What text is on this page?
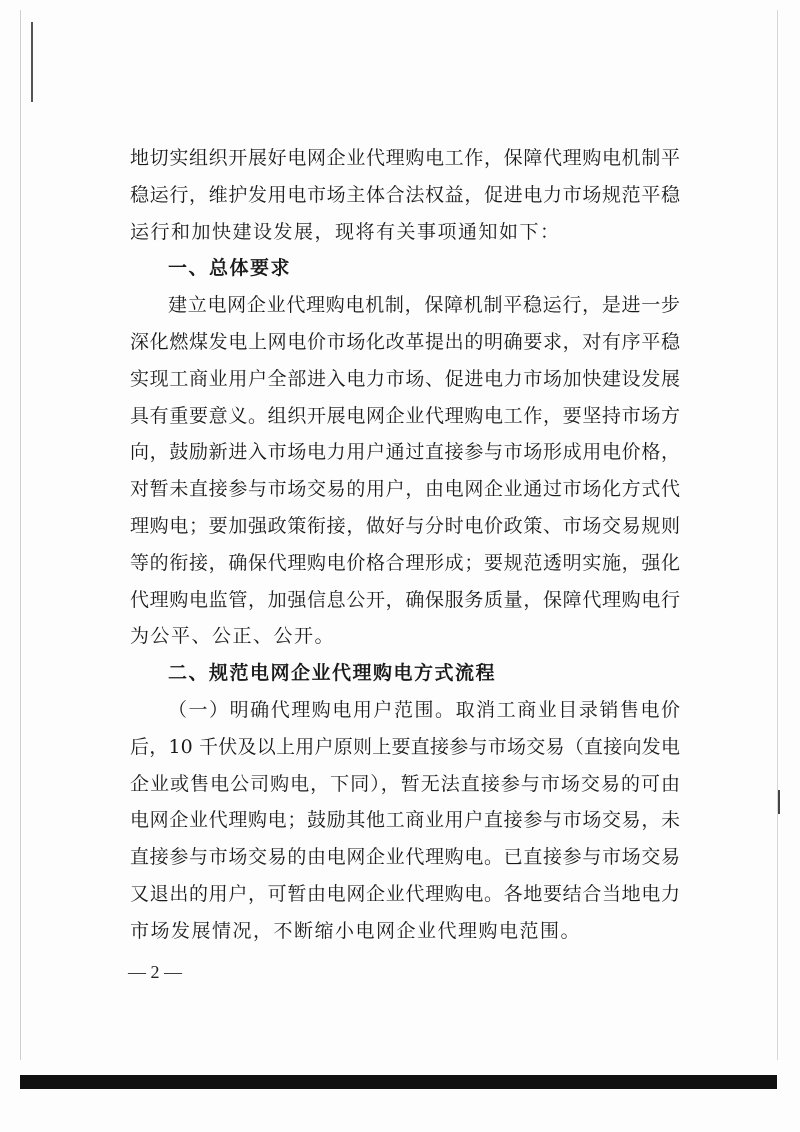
地切实组织开展好电网企业代理购电工作，保障代理购电机制平

稳运行，维护发用电市场主体合法权益，促进电力市场规范平稳

运行和加快建设发展，现将有关事项通知如下：

一、总体要求

建立电网企业代理购电机制，保障机制平稳运行，是进一步

深化燃煤发电上网电价市场化改革提出的明确要求，对有序平稳

实现工商业用户全部进入电力市场、促进电力市场加快建设发展

具有重要意义。组织开展电网企业代理购电工作，要坚持市场方

向，鼓励新进入市场电力用户通过直接参与市场形成用电价格，

对暂未直接参与市场交易的用户，由电网企业通过市场化方式代

理购电；要加强政策衔接，做好与分时电价政策、市场交易规则

等的衔接，确保代理购电价格合理形成；要规范透明实施，强化

代理购电监管，加强信息公开，确保服务质量，保障代理购电行

为公平、公正、公开。

二、规范电网企业代理购电方式流程

（一）明确代理购电用户范围。取消工商业目录销售电价

后，10 千伏及以上用户原则上要直接参与市场交易（直接向发电

企业或售电公司购电，下同），暂无法直接参与市场交易的可由

电网企业代理购电；鼓励其他工商业用户直接参与市场交易，未

直接参与市场交易的由电网企业代理购电。已直接参与市场交易

又退出的用户，可暂由电网企业代理购电。各地要结合当地电力

市场发展情况，不断缩小电网企业代理购电范围。

— 2 —
